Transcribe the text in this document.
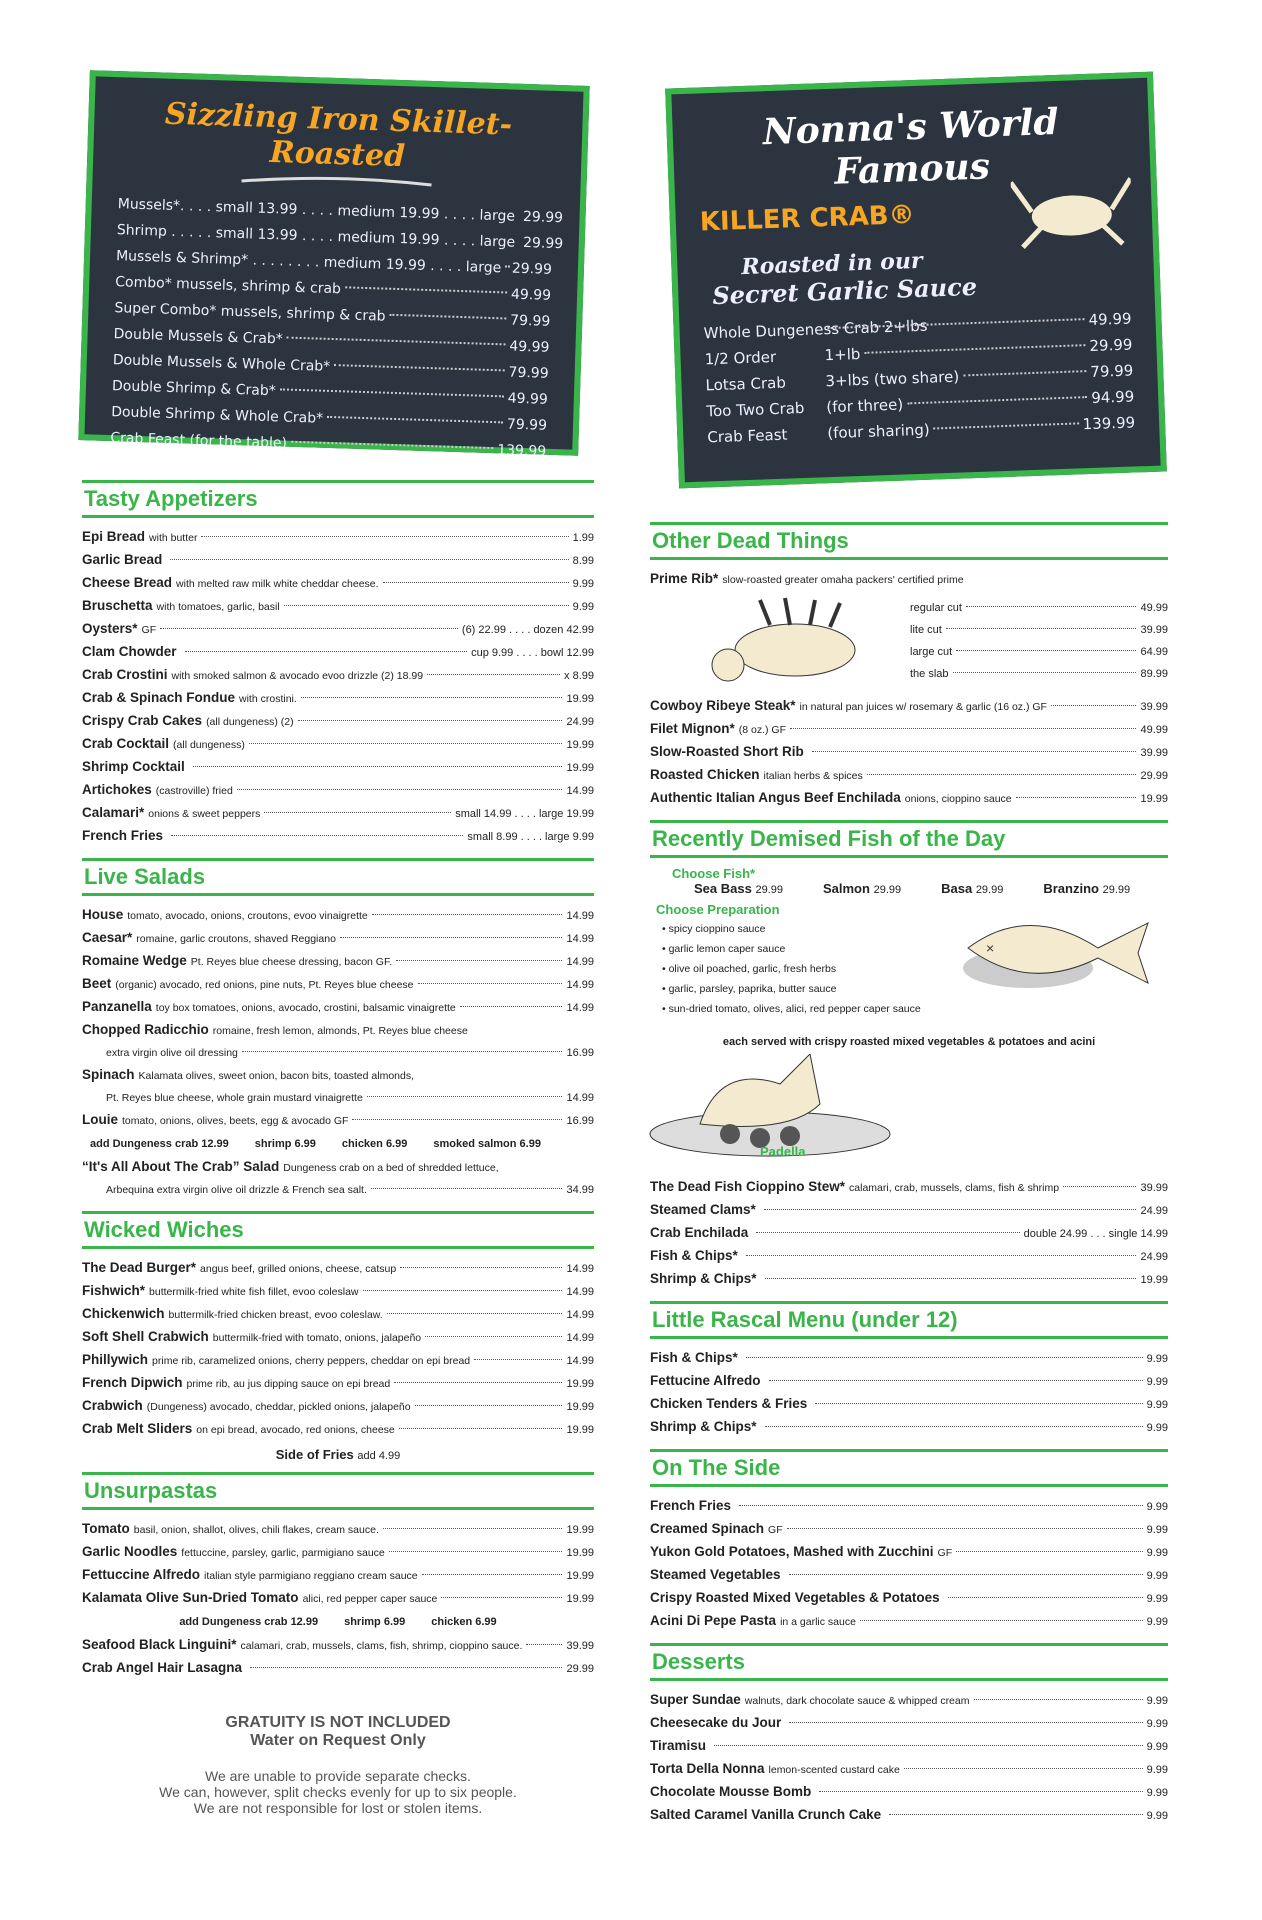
Sizzling Iron Skillet-Roasted
Mussels*. . . . small 13.99 . . . . medium 19.99 . . . . large 29.99
Shrimp . . . . . small 13.99 . . . . medium 19.99 . . . . large 29.99
Mussels & Shrimp* . . . . . . . . medium 19.99 . . . . large 29.99
Combo* mussels, shrimp & crab	49.99
Super Combo* mussels, shrimp & crab	79.99
Double Mussels & Crab*	49.99
Double Mussels & Whole Crab*	79.99
Double Shrimp & Crab*	49.99
Double Shrimp & Whole Crab*	79.99
Crab Feast (for the table)	139.99
Nonna's World Famous
KILLER CRAB®
Roasted in our
Secret Garlic Sauce
Whole Dungeness Crab 2+lbs	49.99
1/2 Order	1+lb	29.99
Lotsa Crab	3+lbs (two share)	79.99
Too Two Crab	(for three)	94.99
Crab Feast	(four sharing)	139.99
Tasty Appetizers
Epi Bread with butter	1.99
Garlic Bread	8.99
Cheese Bread with melted raw milk white cheddar cheese.	9.99
Bruschetta with tomatoes, garlic, basil	9.99
Oysters* GF	(6) 22.99 . . . . dozen 42.99
Clam Chowder	cup 9.99 . . . . bowl 12.99
Crab Crostini with smoked salmon & avocado evoo drizzle (2) 18.99	x 8.99
Crab & Spinach Fondue with crostini.	19.99
Crispy Crab Cakes (all dungeness) (2)	24.99
Crab Cocktail (all dungeness)	19.99
Shrimp Cocktail	19.99
Artichokes (castroville) fried	14.99
Calamari* onions & sweet peppers	small 14.99 . . . . large 19.99
French Fries	small 8.99 . . . . large 9.99
Live Salads
House tomato, avocado, onions, croutons, evoo vinaigrette	14.99
Caesar* romaine, garlic croutons, shaved Reggiano	14.99
Romaine Wedge Pt. Reyes blue cheese dressing, bacon GF.	14.99
Beet (organic) avocado, red onions, pine nuts, Pt. Reyes blue cheese	14.99
Panzanella toy box tomatoes, onions, avocado, crostini, balsamic vinaigrette	14.99
Chopped Radicchio romaine, fresh lemon, almonds, Pt. Reyes blue cheese
extra virgin olive oil dressing	16.99
Spinach Kalamata olives, sweet onion, bacon bits, toasted almonds,
Pt. Reyes blue cheese, whole grain mustard vinaigrette	14.99
Louie tomato, onions, olives, beets, egg & avocado GF	16.99
add Dungeness crab 12.99 shrimp 6.99 chicken 6.99 smoked salmon 6.99
“It's All About The Crab” Salad Dungeness crab on a bed of shredded lettuce,
Arbequina extra virgin olive oil drizzle & French sea salt.	34.99
Wicked Wiches
The Dead Burger* angus beef, grilled onions, cheese, catsup	14.99
Fishwich* buttermilk-fried white fish fillet, evoo coleslaw	14.99
Chickenwich buttermilk-fried chicken breast, evoo coleslaw.	14.99
Soft Shell Crabwich buttermilk-fried with tomato, onions, jalapeño	14.99
Phillywich prime rib, caramelized onions, cherry peppers, cheddar on epi bread	14.99
French Dipwich prime rib, au jus dipping sauce on epi bread	19.99
Crabwich (Dungeness) avocado, cheddar, pickled onions, jalapeño	19.99
Crab Melt Sliders on epi bread, avocado, red onions, cheese	19.99
Side of Fries add 4.99
Unsurpastas
Tomato basil, onion, shallot, olives, chili flakes, cream sauce.	19.99
Garlic Noodles fettuccine, parsley, garlic, parmigiano sauce	19.99
Fettuccine Alfredo italian style parmigiano reggiano cream sauce	19.99
Kalamata Olive Sun-Dried Tomato alici, red pepper caper sauce	19.99
add Dungeness crab 12.99 shrimp 6.99 chicken 6.99
Seafood Black Linguini* calamari, crab, mussels, clams, fish, shrimp, cioppino sauce.	39.99
Crab Angel Hair Lasagna	29.99
GRATUITY IS NOT INCLUDED
Water on Request Only
We are unable to provide separate checks.
We can, however, split checks evenly for up to six people.
We are not responsible for lost or stolen items.
Other Dead Things
Prime Rib* slow-roasted greater omaha packers' certified prime
regular cut	49.99
lite cut	39.99
large cut	64.99
the slab	89.99
Cowboy Ribeye Steak* in natural pan juices w/ rosemary & garlic (16 oz.) GF	39.99
Filet Mignon* (8 oz.) GF	49.99
Slow-Roasted Short Rib	39.99
Roasted Chicken italian herbs & spices	29.99
Authentic Italian Angus Beef Enchilada onions, cioppino sauce	19.99
Recently Demised Fish of the Day
Choose Fish*
Sea Bass 29.99	Salmon 29.99	Basa 29.99	Branzino 29.99
Choose Preparation
• spicy cioppino sauce
• garlic lemon caper sauce
• olive oil poached, garlic, fresh herbs
• garlic, parsley, paprika, butter sauce
• sun-dried tomato, olives, alici, red pepper caper sauce
×
each served with crispy roasted mixed vegetables & potatoes and acini
Padella
The Dead Fish Cioppino Stew* calamari, crab, mussels, clams, fish & shrimp	39.99
Steamed Clams*	24.99
Crab Enchilada	double 24.99 . . . single 14.99
Fish & Chips*	24.99
Shrimp & Chips*	19.99
Little Rascal Menu (under 12)
Fish & Chips*	9.99
Fettucine Alfredo	9.99
Chicken Tenders & Fries	9.99
Shrimp & Chips*	9.99
On The Side
French Fries	9.99
Creamed Spinach GF	9.99
Yukon Gold Potatoes, Mashed with Zucchini GF	9.99
Steamed Vegetables	9.99
Crispy Roasted Mixed Vegetables & Potatoes	9.99
Acini Di Pepe Pasta in a garlic sauce	9.99
Desserts
Super Sundae walnuts, dark chocolate sauce & whipped cream	9.99
Cheesecake du Jour	9.99
Tiramisu	9.99
Torta Della Nonna lemon-scented custard cake	9.99
Chocolate Mousse Bomb	9.99
Salted Caramel Vanilla Crunch Cake	9.99
